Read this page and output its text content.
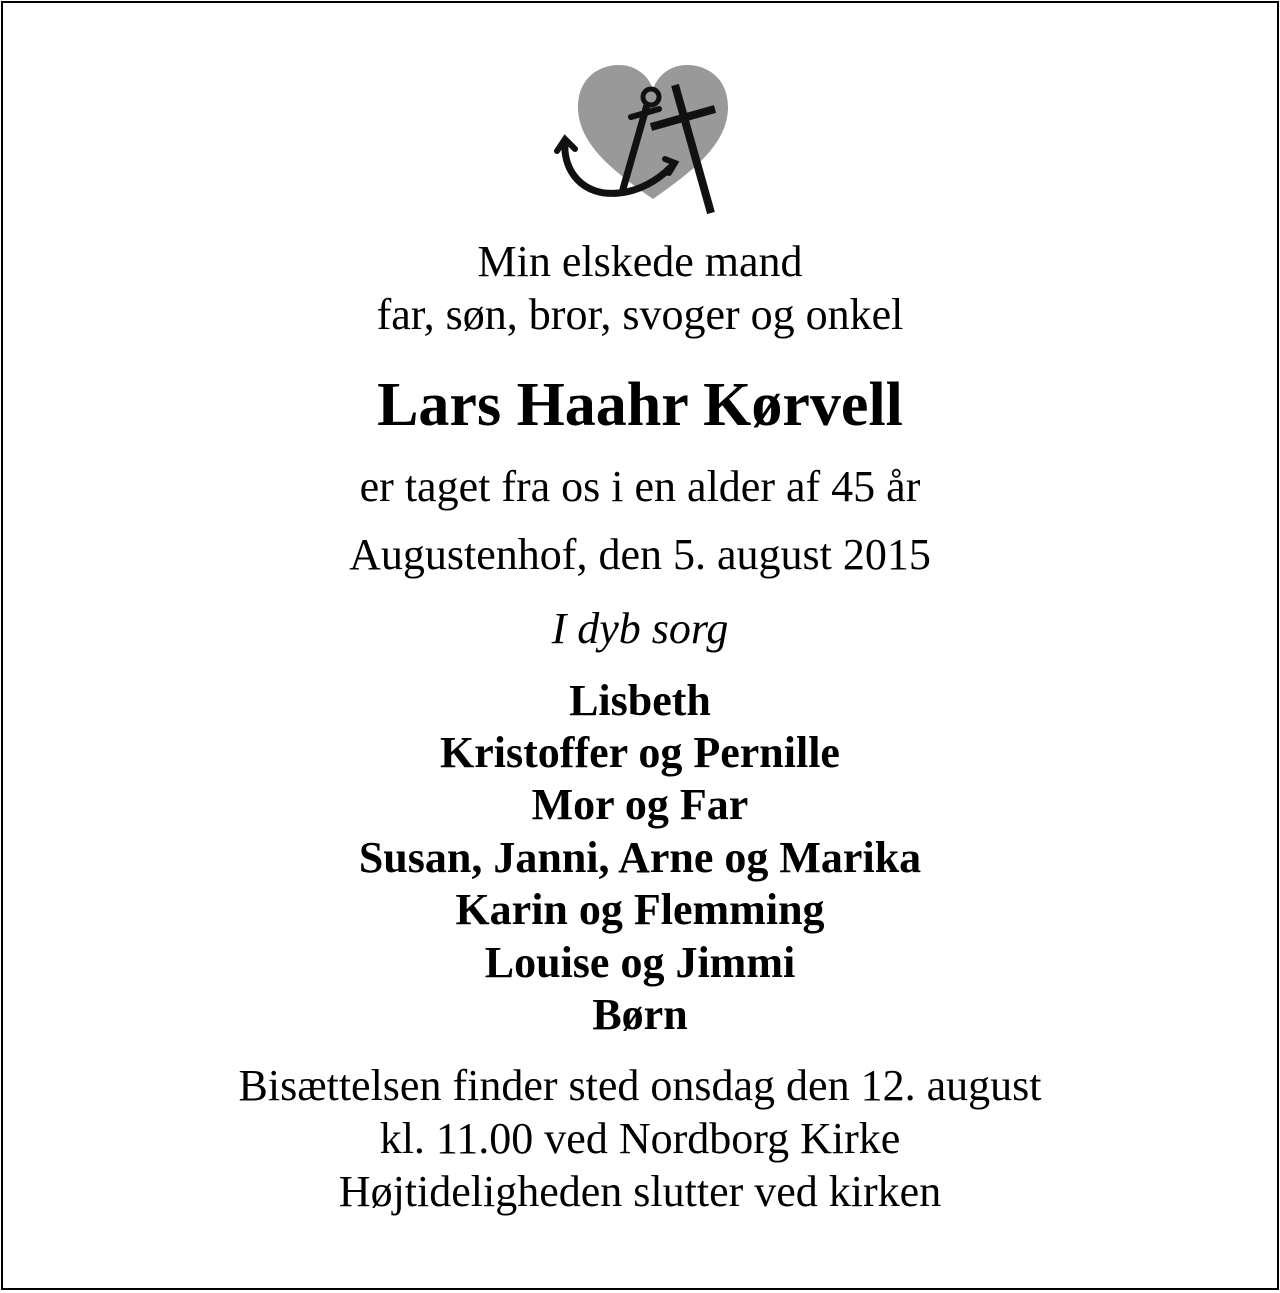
Min elskede mand
far, søn, bror, svoger og onkel
Lars Haahr Kørvell
er taget fra os i en alder af 45 år
Augustenhof, den 5. august 2015
I dyb sorg
Lisbeth
Kristoffer og Pernille
Mor og Far
Susan, Janni, Arne og Marika
Karin og Flemming
Louise og Jimmi
Børn
Bisættelsen finder sted onsdag den 12. august
kl. 11.00 ved Nordborg Kirke
Højtideligheden slutter ved kirken
